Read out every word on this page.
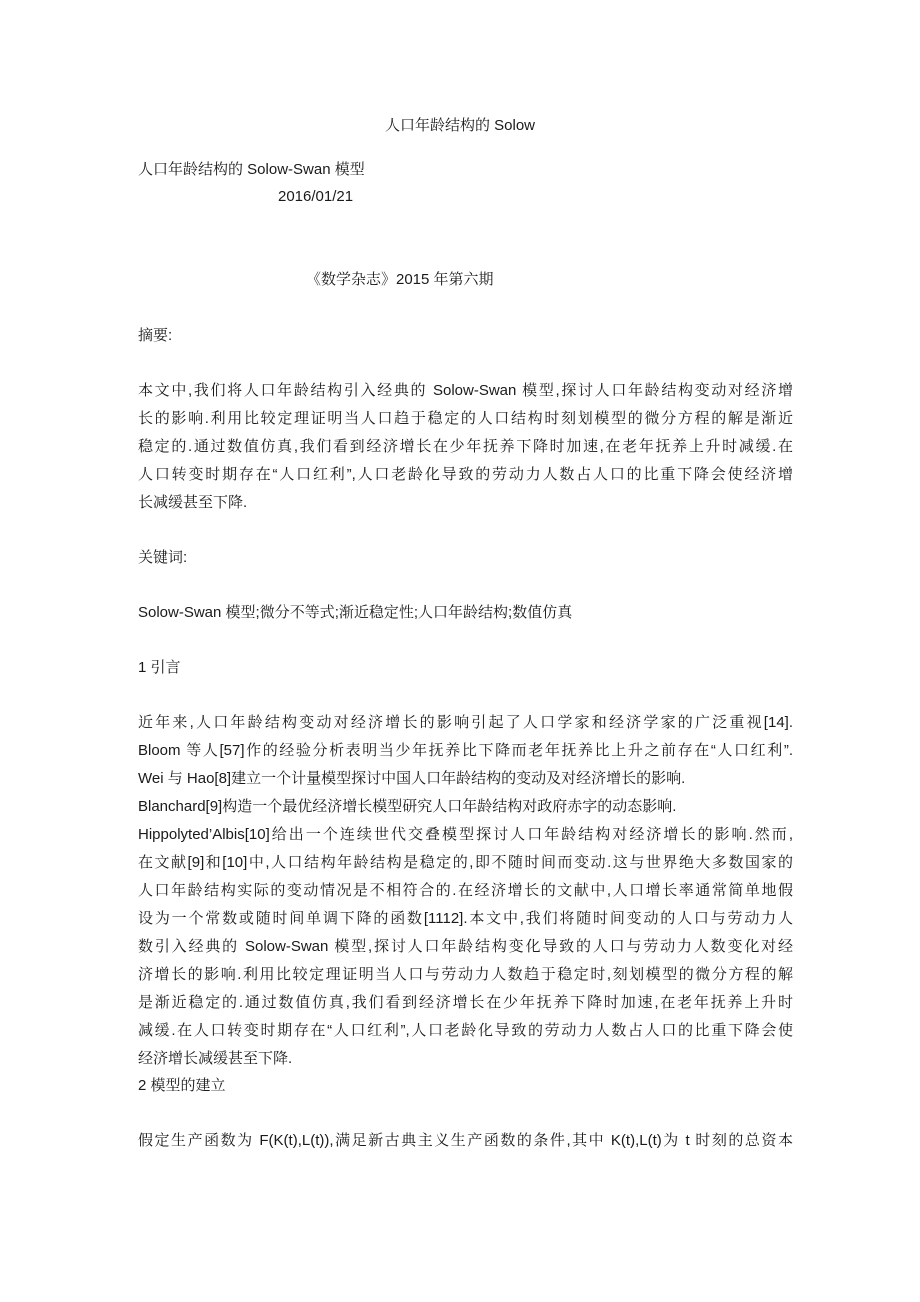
人口年龄结构的 Solow
人口年龄结构的 Solow-Swan 模型
2016/01/21
《数学杂志》2015 年第六期
摘要:
本文中,我们将人口年龄结构引入经典的 Solow-Swan 模型,探讨人口年龄结构变动对经济增
长的影响.利用比较定理证明当人口趋于稳定的人口结构时刻划模型的微分方程的解是渐近
稳定的.通过数值仿真,我们看到经济增长在少年抚养下降时加速,在老年抚养上升时减缓.在
人口转变时期存在“人口红利”,人口老龄化导致的劳动力人数占人口的比重下降会使经济增
长减缓甚至下降.
关键词:
Solow-Swan 模型;微分不等式;渐近稳定性;人口年龄结构;数值仿真
1 引言
近年来,人口年龄结构变动对经济增长的影响引起了人口学家和经济学家的广泛重视[14].
Bloom 等人[57]作的经验分析表明当少年抚养比下降而老年抚养比上升之前存在“人口红利”.
Wei 与 Hao[8]建立一个计量模型探讨中国人口年龄结构的变动及对经济增长的影响.
Blanchard[9]构造一个最优经济增长模型研究人口年龄结构对政府赤字的动态影响.
Hippolyted’Albis[10]给出一个连续世代交叠模型探讨人口年龄结构对经济增长的影响.然而,
在文献[9]和[10]中,人口结构年龄结构是稳定的,即不随时间而变动.这与世界绝大多数国家的
人口年龄结构实际的变动情况是不相符合的.在经济增长的文献中,人口增长率通常简单地假
设为一个常数或随时间单调下降的函数[1112].本文中,我们将随时间变动的人口与劳动力人
数引入经典的 Solow-Swan 模型,探讨人口年龄结构变化导致的人口与劳动力人数变化对经
济增长的影响.利用比较定理证明当人口与劳动力人数趋于稳定时,刻划模型的微分方程的解
是渐近稳定的.通过数值仿真,我们看到经济增长在少年抚养下降时加速,在老年抚养上升时
减缓.在人口转变时期存在“人口红利”,人口老龄化导致的劳动力人数占人口的比重下降会使
经济增长减缓甚至下降.
2 模型的建立
假定生产函数为 F(K(t),L(t)),满足新古典主义生产函数的条件,其中 K(t),L(t)为 t 时刻的总资本
